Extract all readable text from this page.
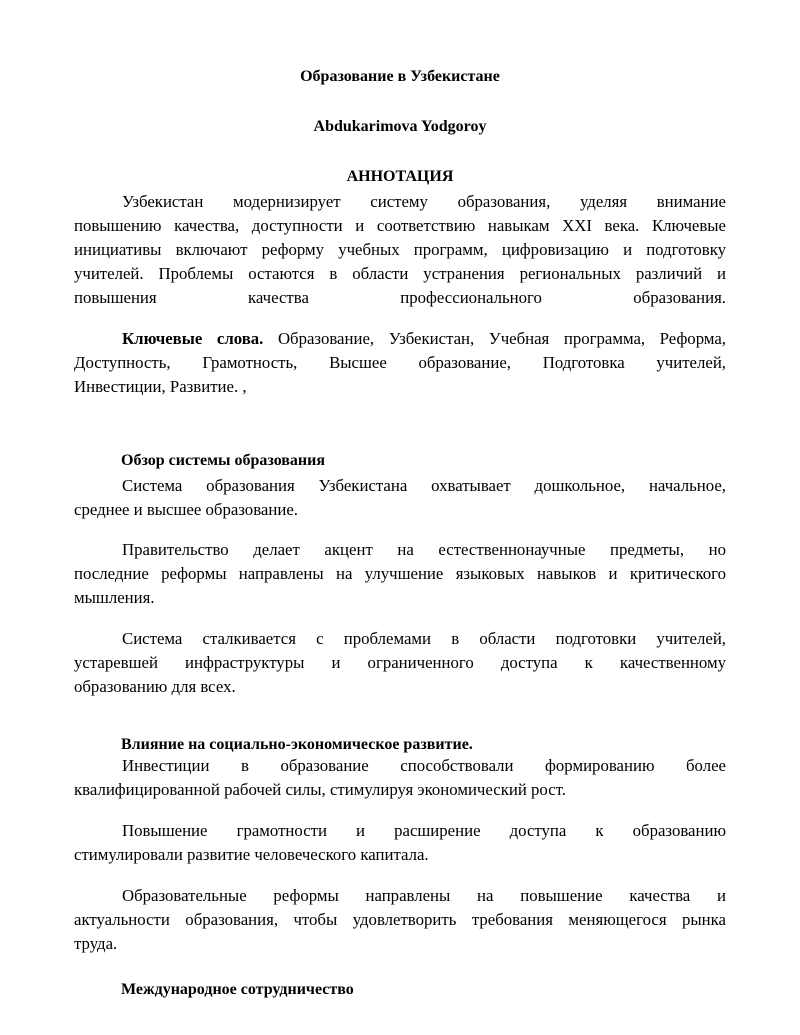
Образование в Узбекистане
Abdukarimova Yodgoroy
АННОТАЦИЯ
Узбекистан модернизирует систему образования, уделяя внимание
повышению качества, доступности и соответствию навыкам XXI века. Ключевые
инициативы включают реформу учебных программ, цифровизацию и подготовку
учителей. Проблемы остаются в области устранения региональных различий и
повышения качества профессионального образования.
Ключевые слова. Образование, Узбекистан, Учебная программа, Реформа,
Доступность, Грамотность, Высшее образование, Подготовка учителей,
Инвестиции, Развитие. ,
Обзор системы образования
Система образования Узбекистана охватывает дошкольное, начальное,
среднее и высшее образование.
Правительство делает акцент на естественнонаучные предметы, но
последние реформы направлены на улучшение языковых навыков и критического
мышления.
Система сталкивается с проблемами в области подготовки учителей,
устаревшей инфраструктуры и ограниченного доступа к качественному
образованию для всех.
Влияние на социально-экономическое развитие.
Инвестиции в образование способствовали формированию более
квалифицированной рабочей силы, стимулируя экономический рост.
Повышение грамотности и расширение доступа к образованию
стимулировали развитие человеческого капитала.
Образовательные реформы направлены на повышение качества и
актуальности образования, чтобы удовлетворить требования меняющегося рынка
труда.
Международное сотрудничество
